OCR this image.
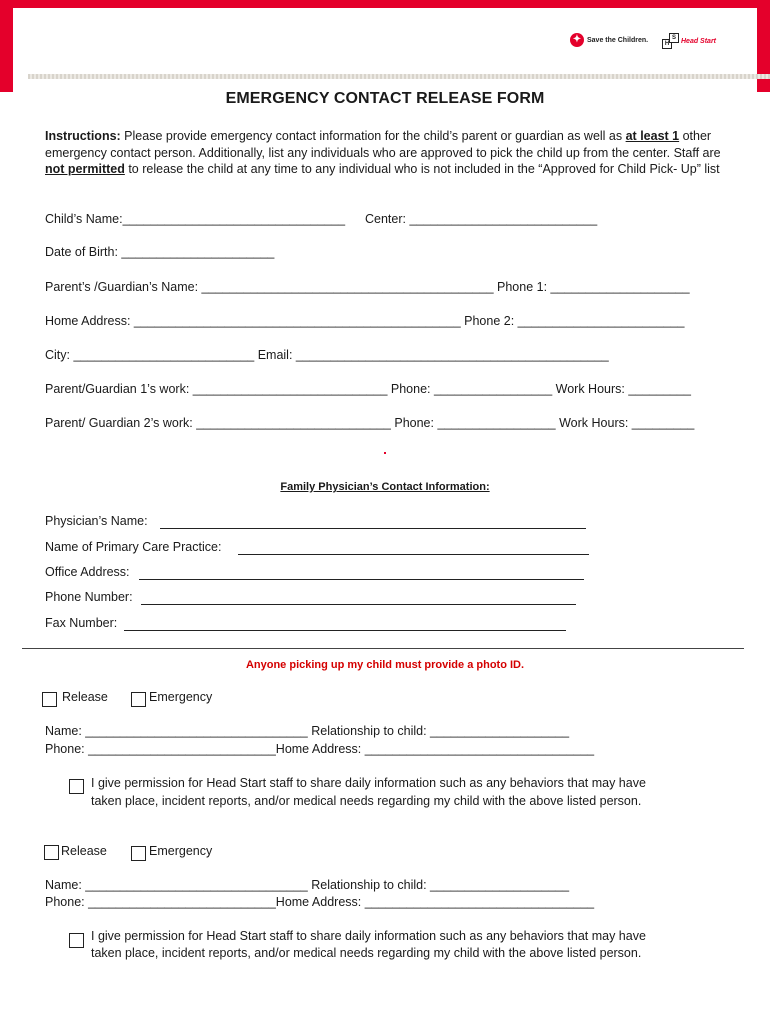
✦ Save the Children.
H
S Head Start
EMERGENCY CONTACT RELEASE FORM
Instructions: Please provide emergency contact information for the child’s parent or guardian as well as at least 1 other emergency contact person. Additionally, list any individuals who are approved to pick the child up from the center. Staff are not permitted to release the child at any time to any individual who is not included in the “Approved for Child Pick- Up” list
Child’s Name:________________________________ Center: ___________________________
Date of Birth: ______________________
Parent’s /Guardian’s Name: __________________________________________ Phone 1: ____________________
Home Address: _______________________________________________ Phone 2: ________________________
City: __________________________ Email: _____________________________________________
Parent/Guardian 1’s work: ____________________________ Phone: _________________ Work Hours: _________
Parent/ Guardian 2’s work: ____________________________ Phone: _________________ Work Hours: _________
Family Physician’s Contact Information:
Physician’s Name:
Name of Primary Care Practice:
Office Address:
Phone Number:
Fax Number:
Anyone picking up my child must provide a photo ID.
Release	Emergency
Name: ________________________________ Relationship to child: ____________________
Phone: ___________________________Home Address: _________________________________
I give permission for Head Start staff to share daily information such as any behaviors that may have
taken place, incident reports, and/or medical needs regarding my child with the above listed person.
Release	Emergency
Name: ________________________________ Relationship to child: ____________________
Phone: ___________________________Home Address: _________________________________
I give permission for Head Start staff to share daily information such as any behaviors that may have
taken place, incident reports, and/or medical needs regarding my child with the above listed person.
